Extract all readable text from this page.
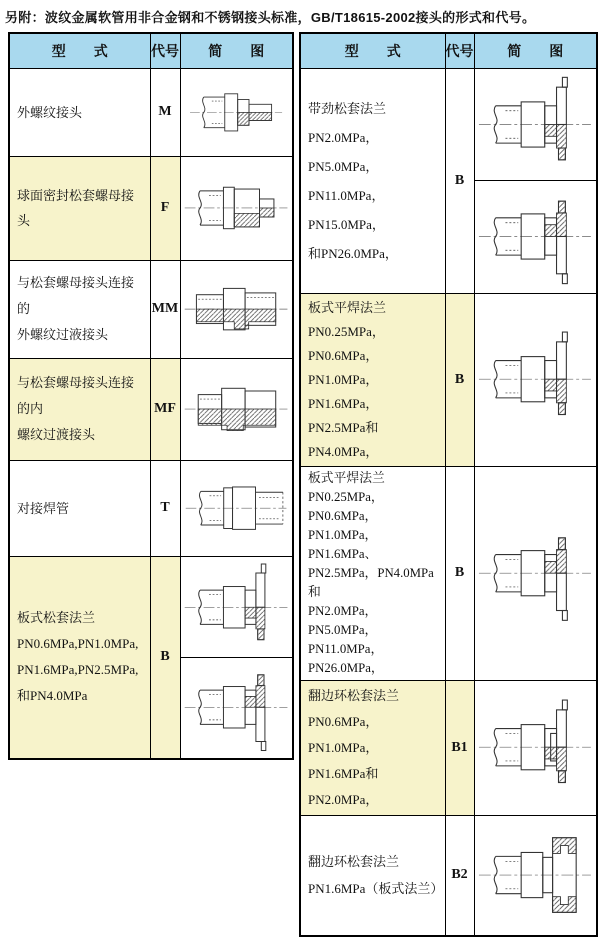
另附：波纹金属软管用非合金钢和不锈钢接头标准，GB/T18615-2002接头的形式和代号。
型　　式	代号	简　　图

外螺纹接头	M	

球面密封松套螺母接头	F	

与松套螺母接头连接的
外螺纹过液接头	MM	

与松套螺母接头连接的内
螺纹过渡接头	MF	

对接焊管	T	

板式松套法兰
PN0.6MPa,PN1.0MPa,
PN1.6MPa,PN2.5MPa,
和PN4.0MPa	B	
型　　式	代号	简　　图

带劲松套法兰
PN2.0MPa，PN5.0MPa，
PN11.0MPa，PN15.0MPa，
和PN26.0MPa，	B	

板式平焊法兰
PN0.25MPa，PN0.6MPa，
PN1.0MPa，PN1.6MPa，
PN2.5MPa和PN4.0MPa，	B	

板式平焊法兰
PN0.25MPa，PN0.6MPa，
PN1.0MPa，PN1.6MPa、
PN2.5MPa，PN4.0MPa和
PN2.0MPa，PN5.0MPa，
PN11.0MPa，PN26.0MPa，
	B	

翻边环松套法兰
PN0.6MPa，PN1.0MPa，
PN1.6MPa和PN2.0MPa，	B1	

翻边环松套法兰
PN1.6MPa（板式法兰）	B2	
